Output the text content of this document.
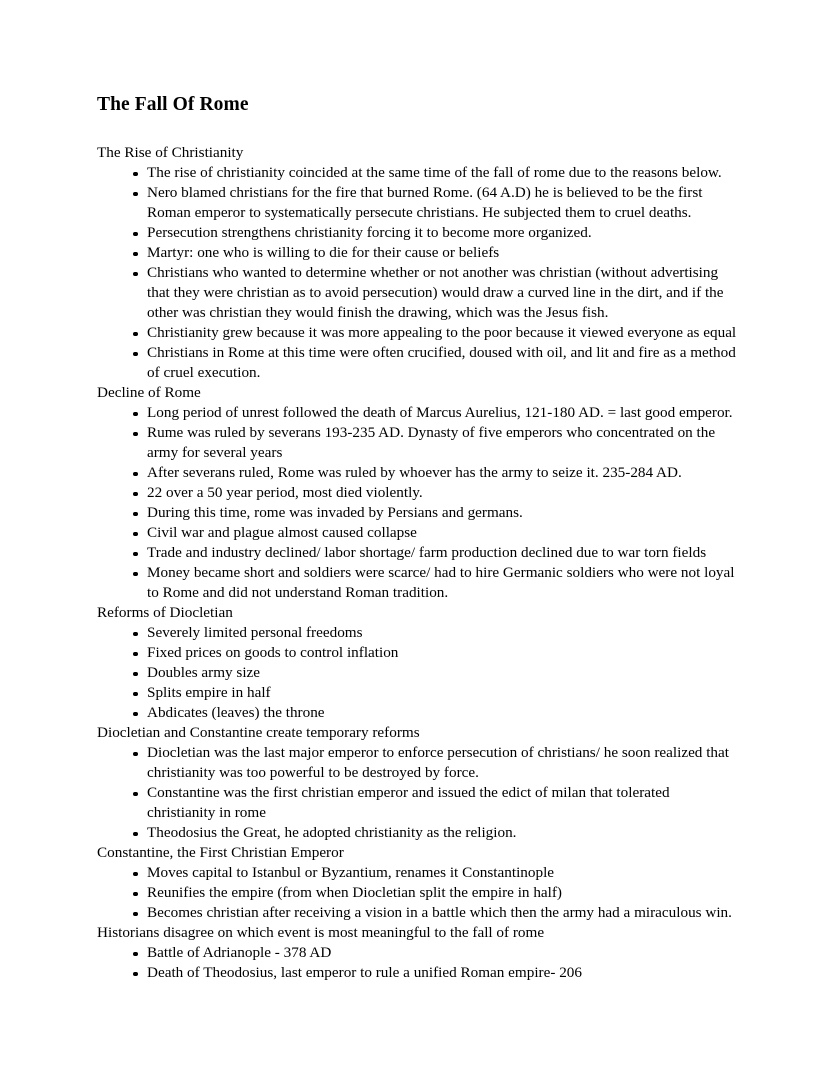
The Fall Of Rome
The Rise of Christianity
The rise of christianity coincided at the same time of the fall of rome due to the reasons below.
Nero blamed christians for the fire that burned Rome. (64 A.D) he is believed to be the first Roman emperor to systematically persecute christians. He subjected them to cruel deaths.
Persecution strengthens christianity forcing it to become more organized.
Martyr: one who is willing to die for their cause or beliefs
Christians who wanted to determine whether or not another was christian (without advertising that they were christian as to avoid persecution) would draw a curved line in the dirt, and if the other was christian they would finish the drawing, which was the Jesus fish.
Christianity grew because it was more appealing to the poor because it viewed everyone as equal
Christians in Rome at this time were often crucified, doused with oil, and lit and fire as a method of cruel execution.
Decline of Rome
Long period of unrest followed the death of Marcus Aurelius, 121-180 AD. = last good emperor.
Rume was ruled by severans 193-235 AD. Dynasty of five emperors who concentrated on the army for several years
After severans ruled, Rome was ruled by whoever has the army to seize it. 235-284 AD.
22 over a 50 year period, most died violently.
During this time, rome was invaded by Persians and germans.
Civil war and plague almost caused collapse
Trade and industry declined/ labor shortage/ farm production declined due to war torn fields
Money became short and soldiers were scarce/ had to hire Germanic soldiers who were not loyal to Rome and did not understand Roman tradition.
Reforms of Diocletian
Severely limited personal freedoms
Fixed prices on goods to control inflation
Doubles army size
Splits empire in half
Abdicates (leaves) the throne
Diocletian and Constantine create temporary reforms
Diocletian was the last major emperor to enforce persecution of christians/ he soon realized that christianity was too powerful to be destroyed by force.
Constantine was the first christian emperor and issued the edict of milan that tolerated christianity in rome
Theodosius the Great, he adopted christianity as the religion.
Constantine, the First Christian Emperor
Moves capital to Istanbul or Byzantium, renames it Constantinople
Reunifies the empire (from when Diocletian split the empire in half)
Becomes christian after receiving a vision in a battle which then the army had a miraculous win.
Historians disagree on which event is most meaningful to the fall of rome
Battle of Adrianople - 378 AD
Death of Theodosius, last emperor to rule a unified Roman empire- 206
